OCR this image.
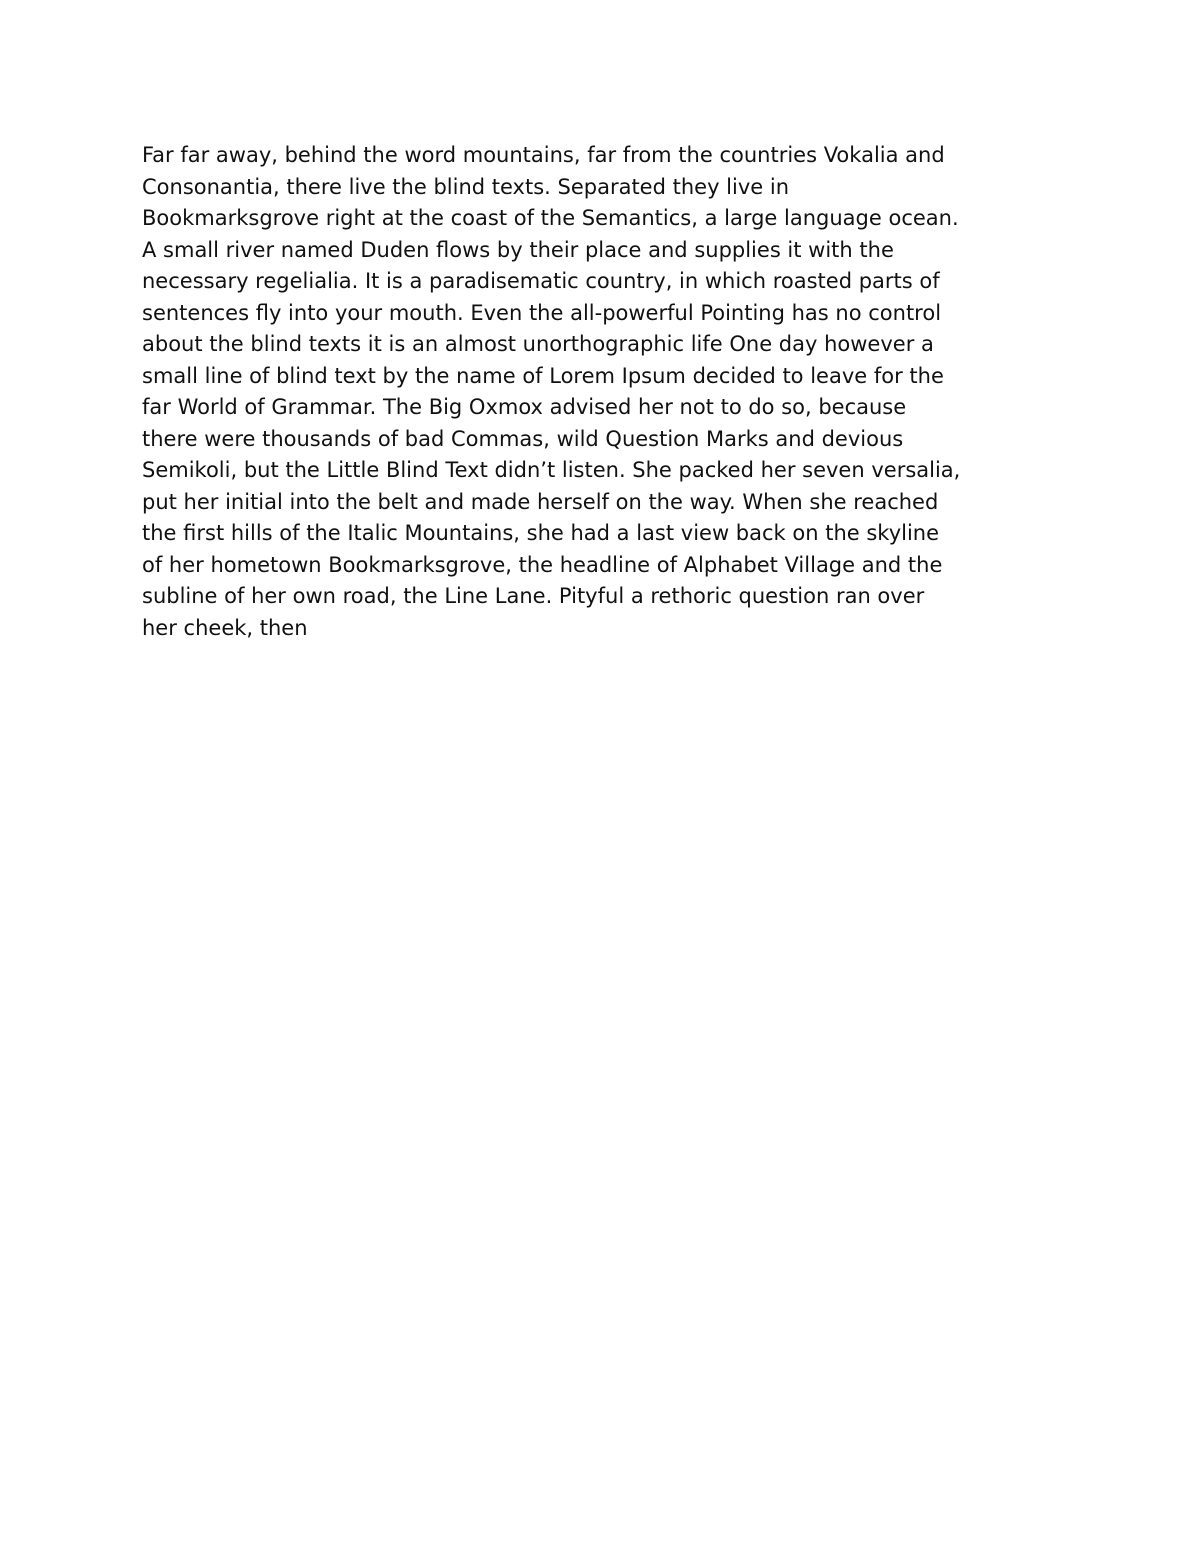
Far far away, behind the word mountains, far from the countries Vokalia and
Consonantia, there live the blind texts. Separated they live in
Bookmarksgrove right at the coast of the Semantics, a large language ocean.
A small river named Duden flows by their place and supplies it with the
necessary regelialia. It is a paradisematic country, in which roasted parts of
sentences fly into your mouth. Even the all-powerful Pointing has no control
about the blind texts it is an almost unorthographic life One day however a
small line of blind text by the name of Lorem Ipsum decided to leave for the
far World of Grammar. The Big Oxmox advised her not to do so, because
there were thousands of bad Commas, wild Question Marks and devious
Semikoli, but the Little Blind Text didn’t listen. She packed her seven versalia,
put her initial into the belt and made herself on the way. When she reached
the first hills of the Italic Mountains, she had a last view back on the skyline
of her hometown Bookmarksgrove, the headline of Alphabet Village and the
subline of her own road, the Line Lane. Pityful a rethoric question ran over
her cheek, then
